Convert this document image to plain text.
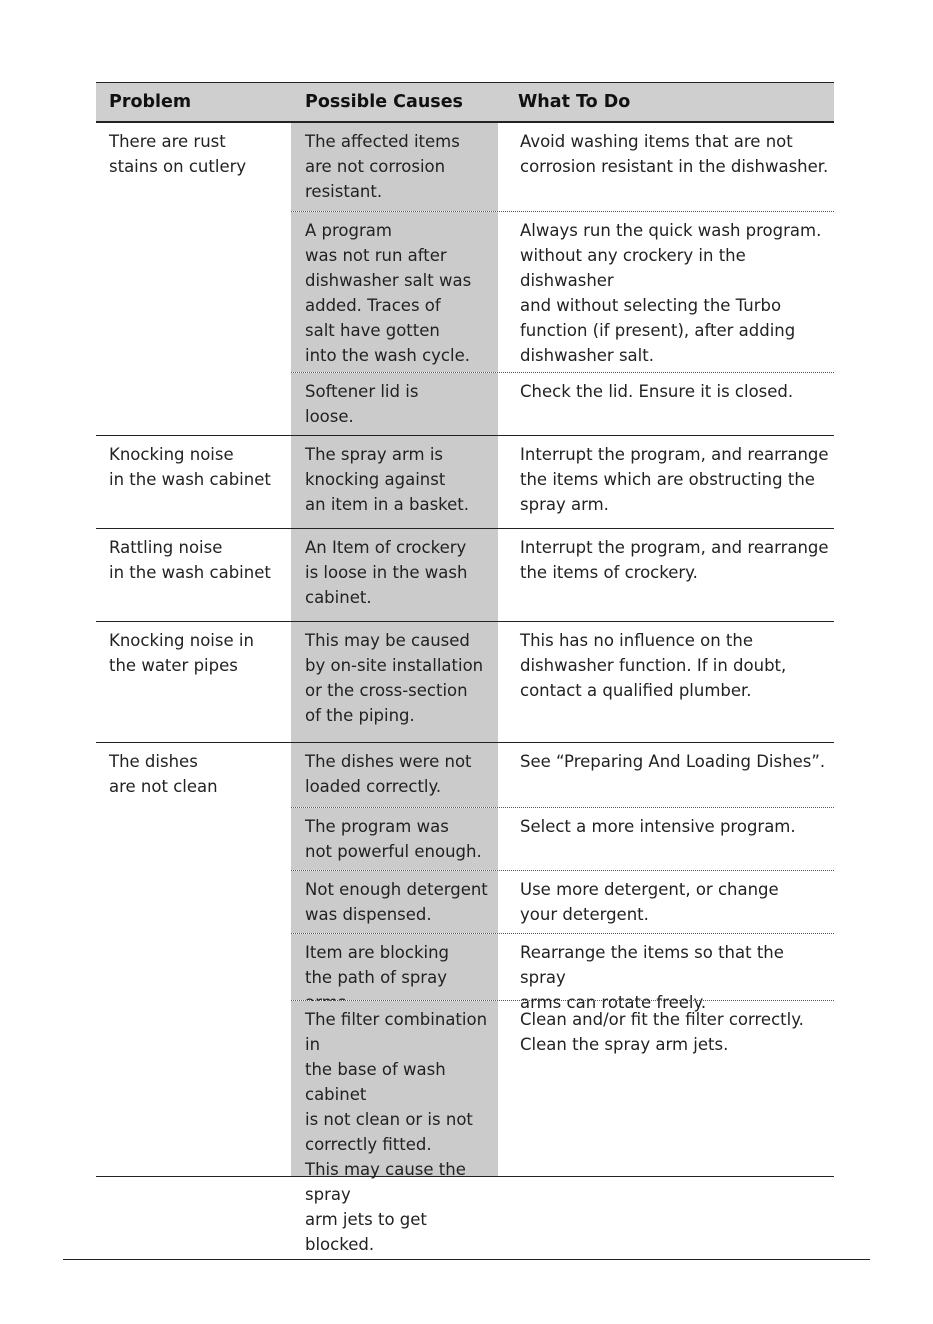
Problem	Possible Causes	What To Do
There are rust
stains on cutlery
The affected items
are not corrosion
resistant.
Avoid washing items that are not
corrosion resistant in the dishwasher.
A program
was not run after
dishwasher salt was
added. Traces of
salt have gotten
into the wash cycle.
Always run the quick wash program.
without any crockery in the dishwasher
and without selecting the Turbo
function (if present), after adding
dishwasher salt.
Softener lid is
loose.
Check the lid. Ensure it is closed.
Knocking noise
in the wash cabinet
The spray arm is
knocking against
an item in a basket.
Interrupt the program, and rearrange
the items which are obstructing the
spray arm.
Rattling noise
in the wash cabinet
An Item of crockery
is loose in the wash
cabinet.
Interrupt the program, and rearrange
the items of crockery.
Knocking noise in
the water pipes
This may be caused
by on-site installation
or the cross-section
of the piping.
This has no influence on the
dishwasher function. If in doubt,
contact a qualified plumber.
The dishes
are not clean
The dishes were not
loaded correctly.
See “Preparing And Loading Dishes”.
The program was
not powerful enough.
Select a more intensive program.
Not enough detergent
was dispensed.
Use more detergent, or change
your detergent.
Item are blocking
the path of spray
Rearrange the items so that the spray
arms can rotate freely.
The filter combination in
the base of wash cabinet
is not clean or is not
correctly fitted.
This may cause the spray
arm jets to get blocked.
Clean and/or fit the filter correctly.
Clean the spray arm jets.
